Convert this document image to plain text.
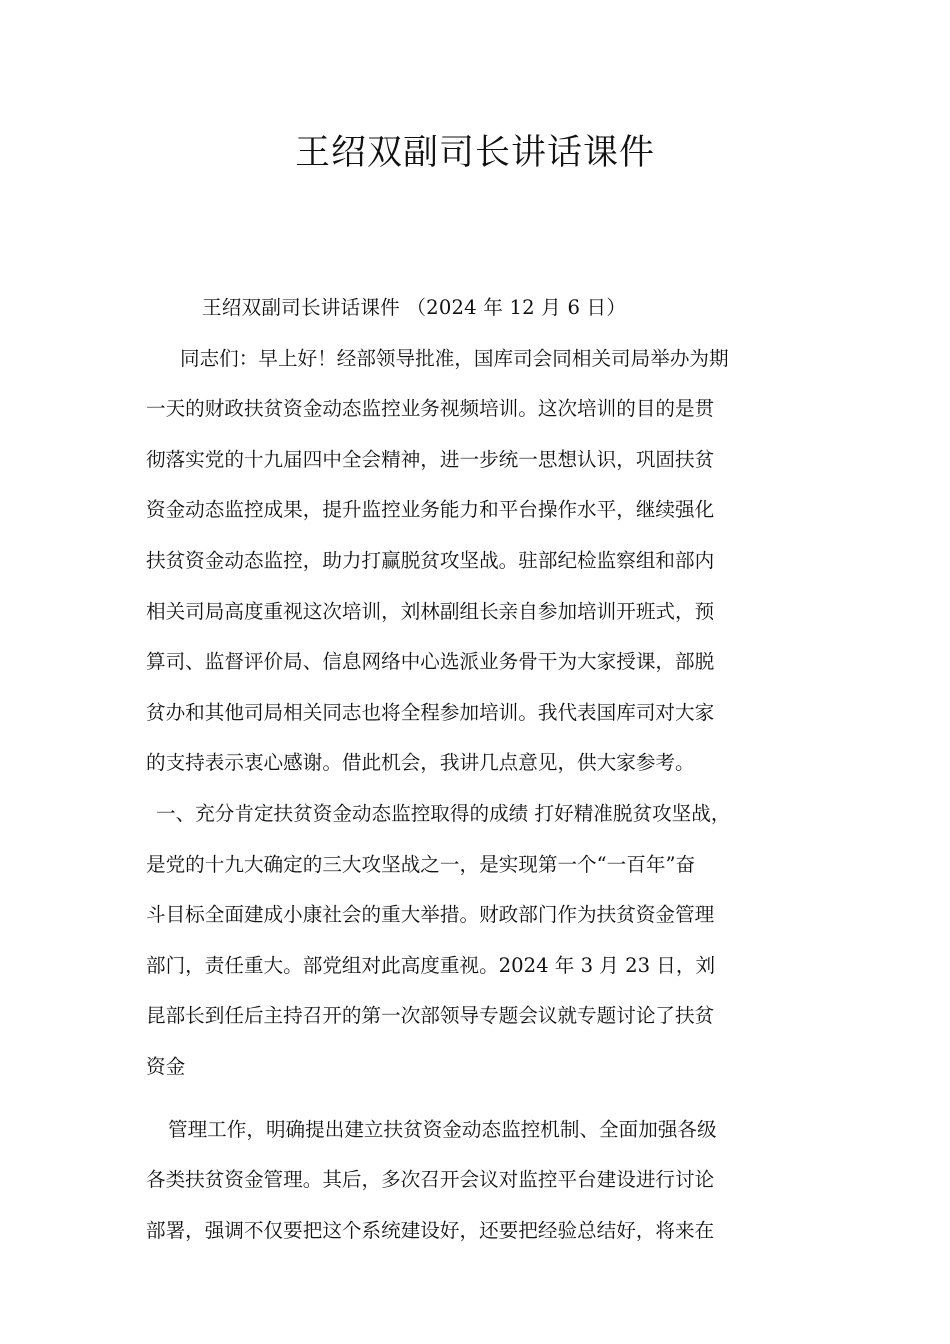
王绍双副司长讲话课件
王绍双副司长讲话课件 （2024 年 12 月 6 日）
同志们：早上好！经部领导批准，国库司会同相关司局举办为期
一天的财政扶贫资金动态监控业务视频培训。这次培训的目的是贯
彻落实党的十九届四中全会精神，进一步统一思想认识，巩固扶贫
资金动态监控成果，提升监控业务能力和平台操作水平，继续强化
扶贫资金动态监控，助力打赢脱贫攻坚战。驻部纪检监察组和部内
相关司局高度重视这次培训，刘林副组长亲自参加培训开班式，预
算司、监督评价局、信息网络中心选派业务骨干为大家授课，部脱
贫办和其他司局相关同志也将全程参加培训。我代表国库司对大家
的支持表示衷心感谢。借此机会，我讲几点意见，供大家参考。
一、充分肯定扶贫资金动态监控取得的成绩 打好精准脱贫攻坚战，
是党的十九大确定的三大攻坚战之一，是实现第一个“一百年”奋
斗目标全面建成小康社会的重大举措。财政部门作为扶贫资金管理
部门，责任重大。部党组对此高度重视。2024 年 3 月 23 日，刘
昆部长到任后主持召开的第一次部领导专题会议就专题讨论了扶贫
资金
管理工作，明确提出建立扶贫资金动态监控机制、全面加强各级
各类扶贫资金管理。其后，多次召开会议对监控平台建设进行讨论
部署，强调不仅要把这个系统建设好，还要把经验总结好，将来在
